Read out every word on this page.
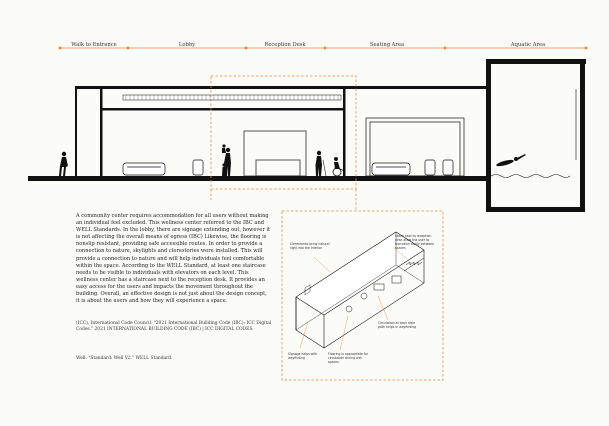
Walk to Entrance	Lobby	Reception Desk	Seating Area	Aquatic Area

A community center requires accommodation for all users without making an individual feel excluded. This wellness center referred to the IBC and WELL Standards. In the lobby, there are signage extending out, however it is not affecting the overall means of egress (IBC) Likewise, the flooring is nonslip resistant, providing safe accessible routes. In order to provide a connection to nature, skylights and clerestories were installed. This will provide a connection to nature and will help individuals feel comfortable within the space. According to the WELL Standard, at least one staircase needs to be visible to individuals with elevators on each level. This wellness center has a staircase next to the reception desk. It provides an easy access for the users and impacts the movement throughout the building. Overall, an effective design is not just about the design concept, it is about the users and how they will experience a space.

(ICC), International Code Council. "2021 International Building Code (IBC): ICC Digital Codes." 2021 INTERNATIONAL BUILDING CODE (IBC) | ICC DIGITAL CODES.

Well. "Standard: Well V2." WELL Standard.

Clerestories bring natural light into the interior

Stairs next to reception desk allow the user to transition easily between spaces

Signage helps with wayfinding

Flooring is appropriate for circulation during wet spaces

Circulation at back aisle path helps in wayfinding
